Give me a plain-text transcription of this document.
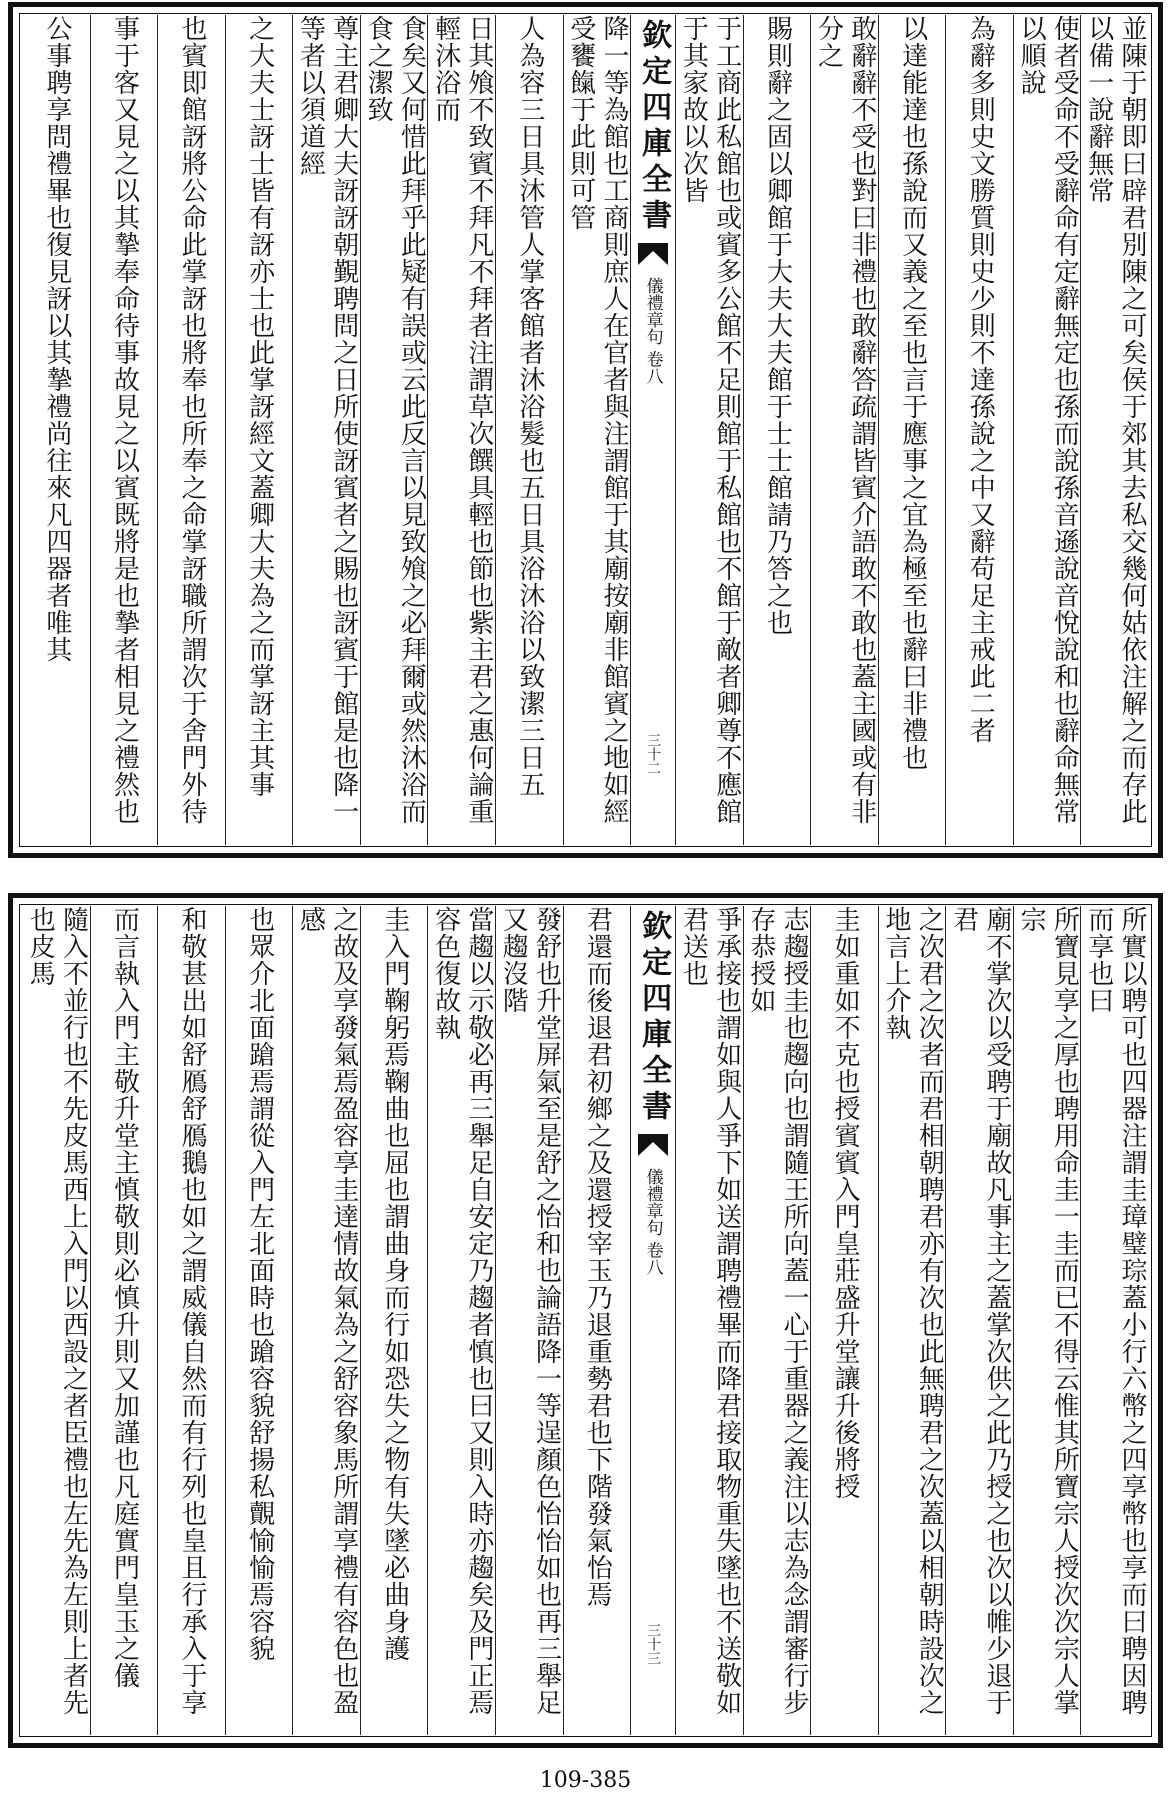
並陳于朝即曰辟君別陳之可矣侯于郊其去私交幾何姑依注解之而存此以備一說辭無常
使者受命不受辭命有定辭無定也孫而說孫音遜說音悅說和也辭命無常以順說
為辭多則史文勝質則史少則不達孫說之中又辭苟足主戒此二者
以達能達也孫說而又義之至也言于應事之宜為極至也辭曰非禮也
敢辭辭不受也對曰非禮也敢辭答疏謂皆賓介語敢不敢也蓋主國或有非分之
賜則辭之固以卿館于大夫大夫館于士士館請乃答之也
于工商此私館也或賓多公館不足則館于私館也不館于敵者卿尊不應館于其家故以次皆
欽定四庫全書
儀禮章句 卷八
三十二
降一等為館也工商則庶人在官者與注謂館于其廟按廟非館賓之地如經受饔餼于此則可管
人為容三日具沐管人掌客館者沐浴髮也五日具浴沐浴以致潔三日五
日其飧不致賓不拜凡不拜者注謂草次饌具輕也節也紫主君之惠何論重輕沐浴而
食矣又何惜此拜乎此疑有誤或云此反言以見致飧之必拜爾或然沐浴而食之潔致
尊主君卿大夫訝訝朝覲聘問之日所使訝賓者之賜也訝賓于館是也降一等者以須道經
之大夫士訝士皆有訝亦士也此掌訝經文蓋卿大夫為之而掌訝主其事
也賓即館訝將公命此掌訝也將奉也所奉之命掌訝職所謂次于舍門外待
事于客又見之以其摯奉命待事故見之以賓既將是也摯者相見之禮然也
公事聘享問禮畢也復見訝以其摯禮尚往來凡四器者唯其
所實以聘可也四器注謂圭璋璧琮蓋小行六幣之四享幣也享而曰聘因聘而享也曰
所寶見享之厚也聘用命圭一圭而已不得云惟其所寶宗人授次次宗人掌宗
廟不掌次以受聘于廟故凡事主之蓋掌次供之此乃授之也次以帷少退于君
之次君之次者而君相朝聘君亦有次也此無聘君之次蓋以相朝時設次之地言上介執
圭如重如不克也授賓賓入門皇莊盛升堂讓升後將授
志趨授圭也趨向也謂隨王所向蓋一心于重器之義注以志為念謂審行步存恭授如
爭承接也謂如與人爭下如送謂聘禮畢而降君接取物重失墜也不送敬如君送也
欽定四庫全書
儀禮章句 卷八
三十三
君還而後退君初鄉之及還授宰玉乃退重勢君也下階發氣怡焉
發舒也升堂屏氣至是舒之怡和也論語降一等逞顏色怡怡如也再三舉足又趨沒階
當趨以示敬必再三舉足自安定乃趨者慎也曰又則入時亦趨矣及門正焉容色復故執
圭入門鞠躬焉鞠曲也屈也謂曲身而行如恐失之物有失墜必曲身護
之故及享發氣焉盈容享圭達情故氣為之舒容象馬所謂享禮有容色也盈感
也眾介北面蹌焉謂從入門左北面時也蹌容貌舒揚私覿愉愉焉容貌
和敬甚出如舒鴈舒鴈鵝也如之謂威儀自然而有行列也皇且行承入于享
而言執入門主敬升堂主慎敬則必慎升則又加謹也凡庭實門皇玉之儀
隨入不並行也不先皮馬西上入門以西設之者臣禮也左先為左則上者先也皮馬
109-385
